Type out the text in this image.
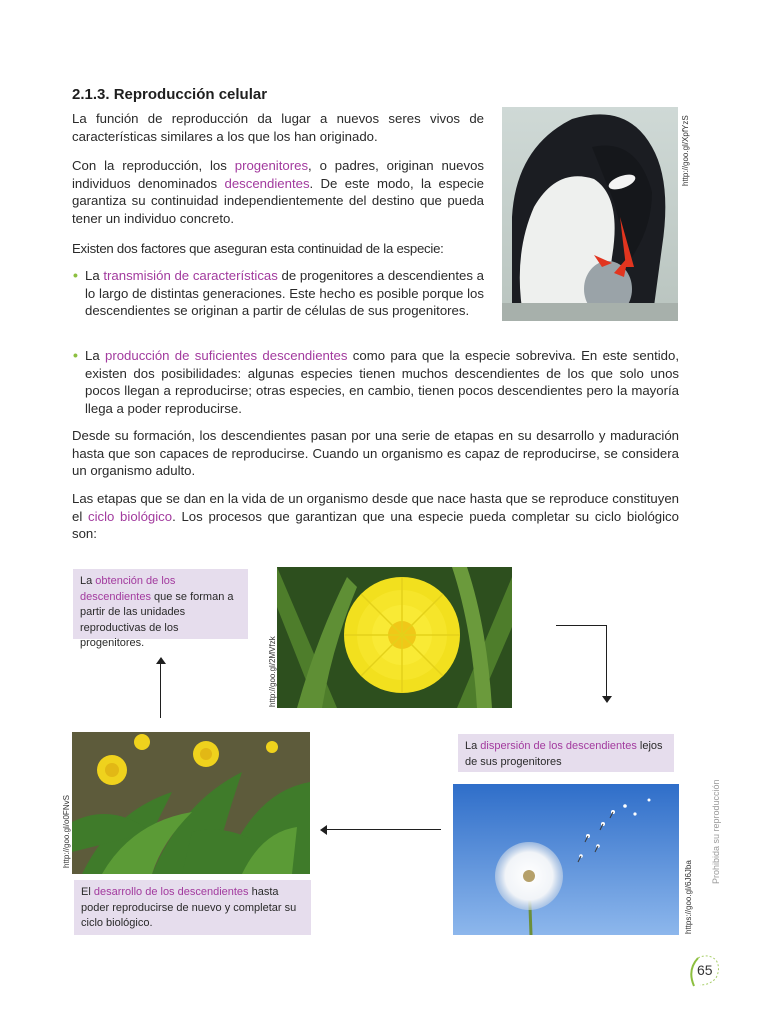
2.1.3. Reproducción celular
La función de reproducción da lugar a nuevos seres vivos de características similares a los que los han originado.
Con la reproducción, los progenitores, o padres, originan nuevos individuos denominados descendientes. De este modo, la especie garantiza su continuidad independientemente del destino que pueda tener un individuo concreto.
Existen dos factores que aseguran esta continuidad de la especie:
• La transmisión de características de progenitores a descendientes a lo largo de distintas generaciones. Este hecho es posible porque los descendientes se originan a partir de células de sus progenitores.
• La producción de suficientes descendientes como para que la especie sobreviva. En este sentido, existen dos posibilidades: algunas especies tienen muchos descendientes de los que solo unos pocos llegan a reproducirse; otras especies, en cambio, tienen pocos descendientes pero la mayoría llega a poder reproducirse.
Desde su formación, los descendientes pasan por una serie de etapas en su desarrollo y maduración hasta que son capaces de reproducirse. Cuando un organismo es capaz de reproducirse, se considera un organismo adulto.
Las etapas que se dan en la vida de un organismo desde que nace hasta que se reproduce constituyen el ciclo biológico. Los procesos que garantizan que una especie pueda completar su ciclo biológico son:
http://goo.gl/XpfYzS
La obtención de los descendientes que se forman a partir de las unidades reproductivas de los progenitores.	http://goo.gl/2MVfzk
La dispersión de los descendientes lejos de sus progenitores
http://goo.gl/o0FNvS
https://goo.gl/6J6Jba
El desarrollo de los descendientes hasta poder reproducirse de nuevo y completar su ciclo biológico.
Prohibida su reproducción
65
